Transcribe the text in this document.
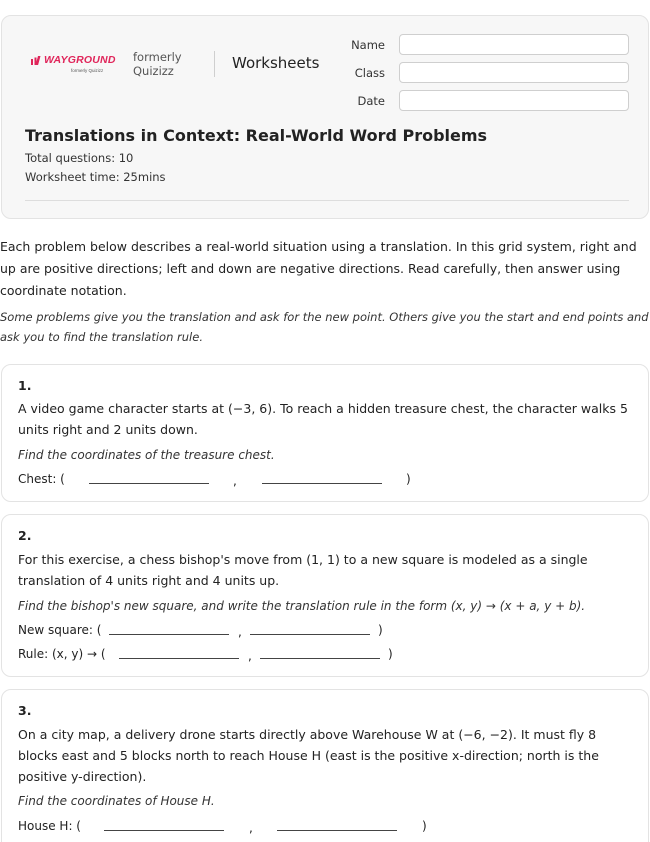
WAYGROUND
formerly Quizizz
formerly
Quizizz	Worksheets
Name
Class
Date
Translations in Context: Real-World Word Problems
Total questions: 10
Worksheet time: 25mins
Each problem below describes a real-world situation using a translation. In this grid system, right and up are positive directions; left and down are negative directions. Read carefully, then answer using coordinate notation.
Some problems give you the translation and ask for the new point. Others give you the start and end points and ask you to find the translation rule.
1.
A video game character starts at (−3, 6). To reach a hidden treasure chest, the character walks 5 units right and 2 units down.
Find the coordinates of the treasure chest.
Chest: (	,	)
2.
For this exercise, a chess bishop's move from (1, 1) to a new square is modeled as a single translation of 4 units right and 4 units up.
Find the bishop's new square, and write the translation rule in the form (x, y) → (x + a, y + b).
New square: (	,	)
Rule: (x, y) → (	,	)
3.
On a city map, a delivery drone starts directly above Warehouse W at (−6, −2). It must fly 8 blocks east and 5 blocks north to reach House H (east is the positive x-direction; north is the positive y-direction).
Find the coordinates of House H.
House H: (	,	)
